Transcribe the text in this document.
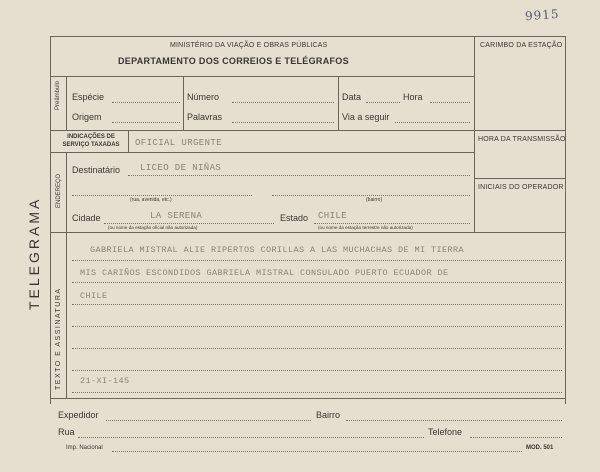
9915
TELEGRAMA
MINISTÉRIO DA VIAÇÃO E OBRAS PÚBLICAS
DEPARTAMENTO DOS CORREIOS E TELÉGRAFOS
CARIMBO DA ESTAÇÃO
Preâmbulo Espécie	Número	Data	Hora
Origem	Palavras	Via a seguir
INDICAÇÕES DE SERVIÇO TAXADAS	OFICIAL URGENTE	HORA DA TRANSMISSÃO
INICIAIS DO OPERADOR
ENDEREÇO
Destinatário LICEO DE NIÑAS
(rua, avenida, etc.)	(bairro)
Cidade	LA SERENA	Estado CHILE
(ou nome da estação oficial não autorizada)	(ou nome da estação terrestre não autorizada)
TEXTO E ASSINATURA
GABRIELA MISTRAL ALIE RIPERTOS CORILLAS A LAS MUCHACHAS DE MI TIERRA
MIS CARIÑOS ESCONDIDOS GABRIELA MISTRAL CONSULADO PUERTO ECUADOR DE
CHILE
21-XI-145
Expedidor	Bairro
Rua	Telefone
Imp. Nacional	MOD. 501
